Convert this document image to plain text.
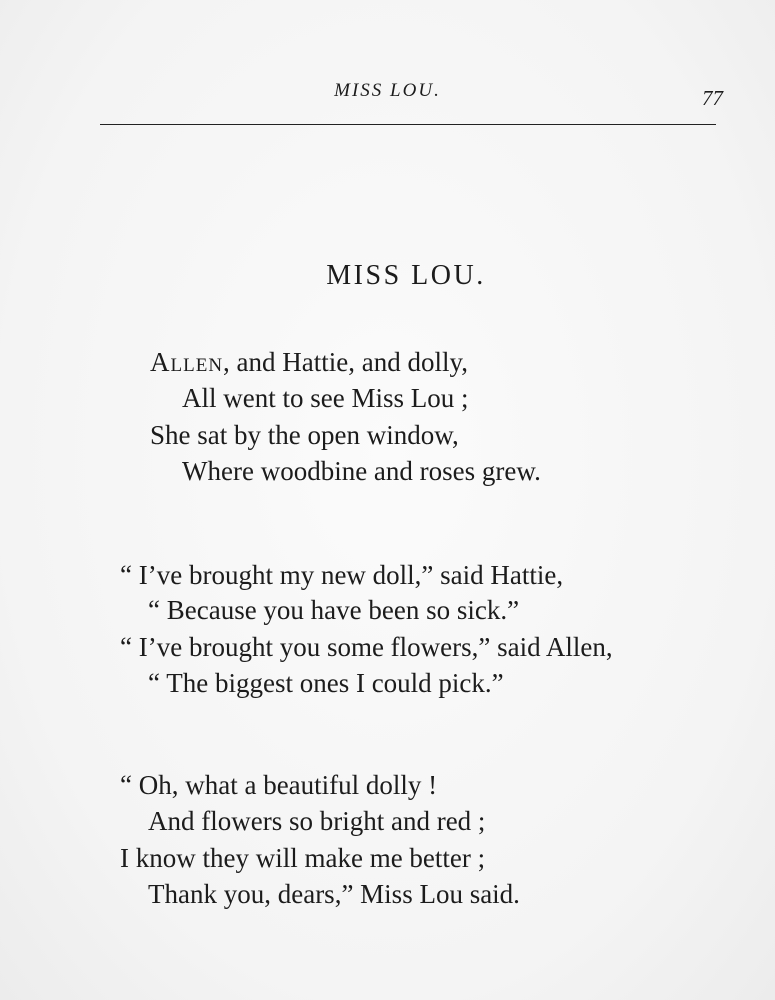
MISS LOU.	77
MISS LOU.
Allen, and Hattie, and dolly,
All went to see Miss Lou ;
She sat by the open window,
Where woodbine and roses grew.
“ I’ve brought my new doll,” said Hattie,
“ Because you have been so sick.”
“ I’ve brought you some flowers,” said Allen,
“ The biggest ones I could pick.”
“ Oh, what a beautiful dolly !
And flowers so bright and red ;
I know they will make me better ;
Thank you, dears,” Miss Lou said.
